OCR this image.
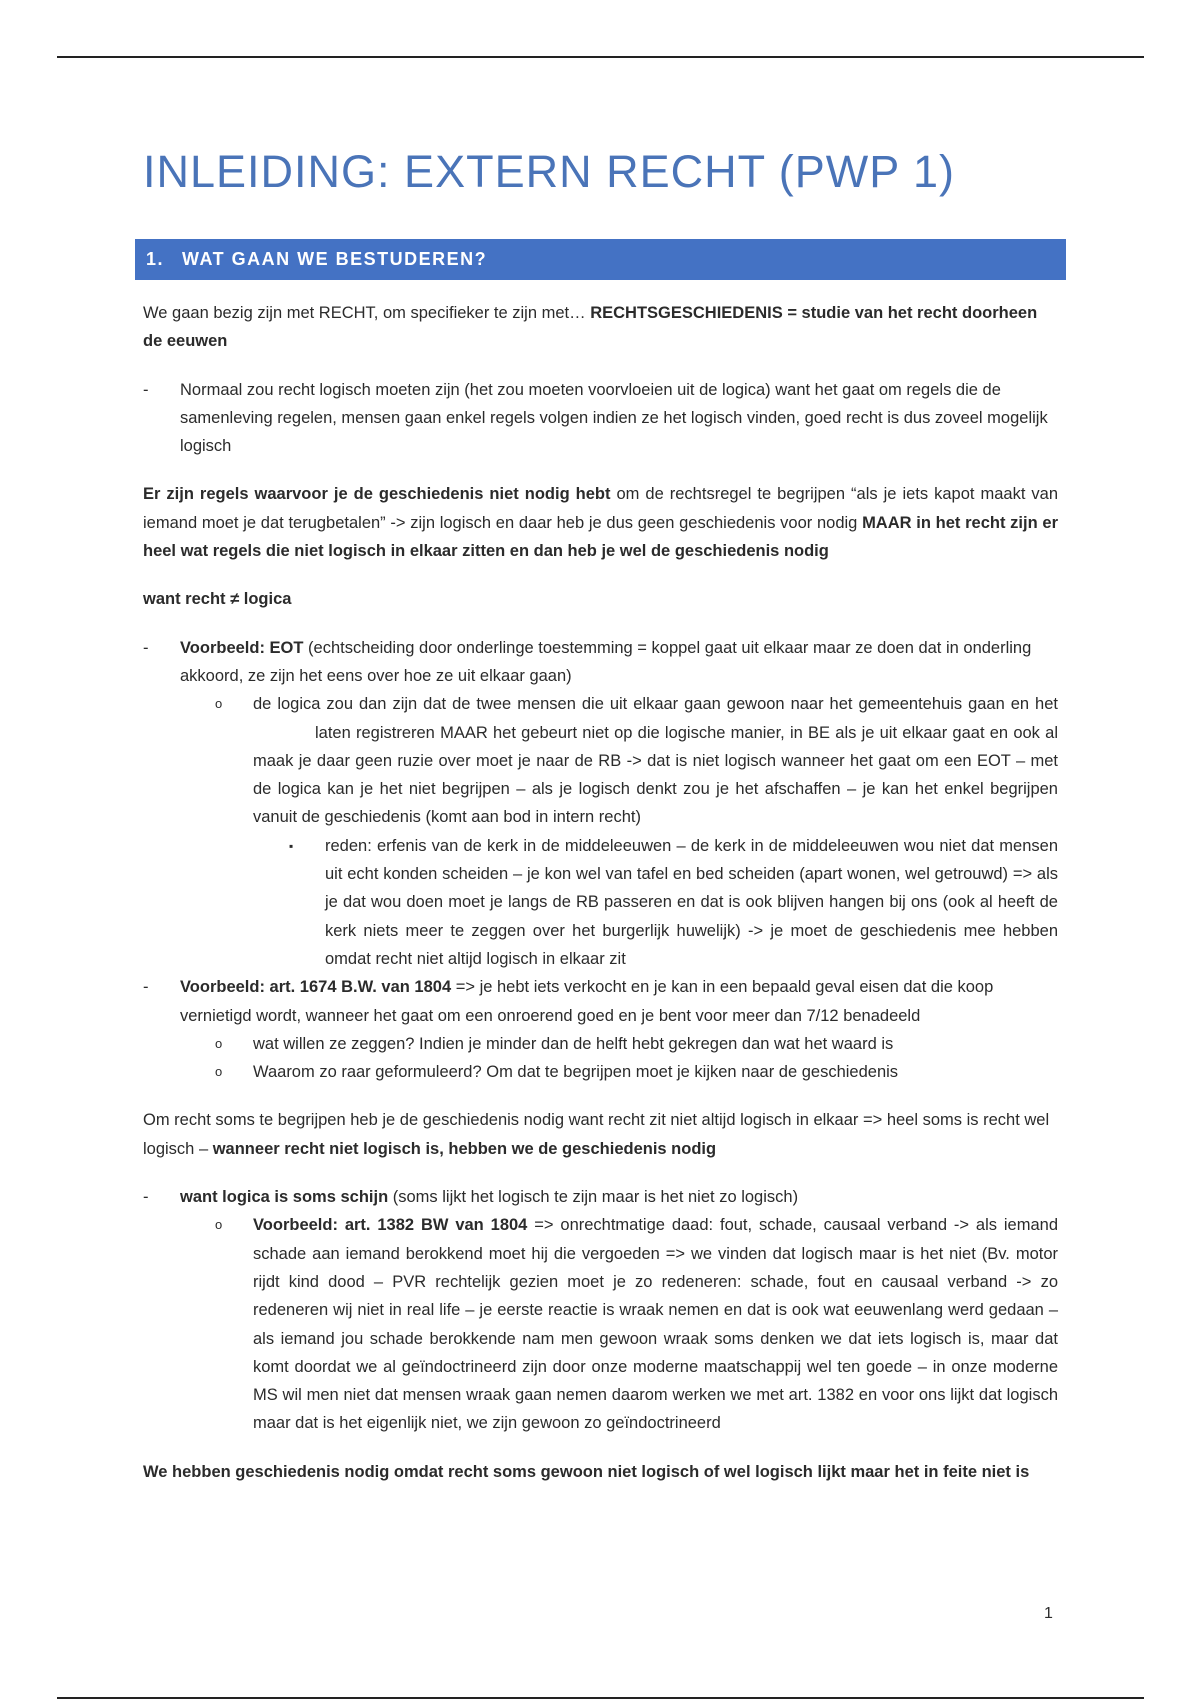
INLEIDING: EXTERN RECHT (PWP 1)
1. WAT GAAN WE BESTUDEREN?

We gaan bezig zijn met RECHT, om specifieker te zijn met… RECHTSGESCHIEDENIS = studie van het recht doorheen de eeuwen

- Normaal zou recht logisch moeten zijn (het zou moeten voorvloeien uit de logica) want het gaat om regels die de samenleving regelen, mensen gaan enkel regels volgen indien ze het logisch vinden, goed recht is dus zoveel mogelijk logisch

Er zijn regels waarvoor je de geschiedenis niet nodig hebt om de rechtsregel te begrijpen “als je iets kapot maakt van iemand moet je dat terugbetalen” -> zijn logisch en daar heb je dus geen geschiedenis voor nodig MAAR in het recht zijn er heel wat regels die niet logisch in elkaar zitten en dan heb je wel de geschiedenis nodig

want recht ≠ logica

- Voorbeeld: EOT (echtscheiding door onderlinge toestemming = koppel gaat uit elkaar maar ze doen dat in onderling akkoord, ze zijn het eens over hoe ze uit elkaar gaan)
o de logica zou dan zijn dat de twee mensen die uit elkaar gaan gewoon naar het gemeentehuis gaan en hetlaten registreren MAAR het gebeurt niet op die logische manier, in BE als je uit elkaar gaat en ook al maak je daar geen ruzie over moet je naar de RB -> dat is niet logisch wanneer het gaat om een EOT – met de logica kan je het niet begrijpen – als je logisch denkt zou je het afschaffen – je kan het enkel begrijpen vanuit de geschiedenis (komt aan bod in intern recht)
▪ reden: erfenis van de kerk in de middeleeuwen – de kerk in de middeleeuwen wou niet dat mensen uit echt konden scheiden – je kon wel van tafel en bed scheiden (apart wonen, wel getrouwd) => als je dat wou doen moet je langs de RB passeren en dat is ook blijven hangen bij ons (ook al heeft de kerk niets meer te zeggen over het burgerlijk huwelijk) -> je moet de geschiedenis mee hebben omdat recht niet altijd logisch in elkaar zit
- Voorbeeld: art. 1674 B.W. van 1804 => je hebt iets verkocht en je kan in een bepaald geval eisen dat die koop vernietigd wordt, wanneer het gaat om een onroerend goed en je bent voor meer dan 7/12 benadeeld
o wat willen ze zeggen? Indien je minder dan de helft hebt gekregen dan wat het waard is
o Waarom zo raar geformuleerd? Om dat te begrijpen moet je kijken naar de geschiedenis

Om recht soms te begrijpen heb je de geschiedenis nodig want recht zit niet altijd logisch in elkaar => heel soms is recht wel logisch – wanneer recht niet logisch is, hebben we de geschiedenis nodig

- want logica is soms schijn (soms lijkt het logisch te zijn maar is het niet zo logisch)
o Voorbeeld: art. 1382 BW van 1804 => onrechtmatige daad: fout, schade, causaal verband -> als iemand schade aan iemand berokkend moet hij die vergoeden => we vinden dat logisch maar is het niet (Bv. motor rijdt kind dood – PVR rechtelijk gezien moet je zo redeneren: schade, fout en causaal verband -> zo redeneren wij niet in real life – je eerste reactie is wraak nemen en dat is ook wat eeuwenlang werd gedaan – als iemand jou schade berokkende nam men gewoon wraak soms denken we dat iets logisch is, maar dat komt doordat we al geïndoctrineerd zijn door onze moderne maatschappij wel ten goede – in onze moderne MS wil men niet dat mensen wraak gaan nemen daarom werken we met art. 1382 en voor ons lijkt dat logisch maar dat is het eigenlijk niet, we zijn gewoon zo geïndoctrineerd

We hebben geschiedenis nodig omdat recht soms gewoon niet logisch of wel logisch lijkt maar het in feite niet is

1
